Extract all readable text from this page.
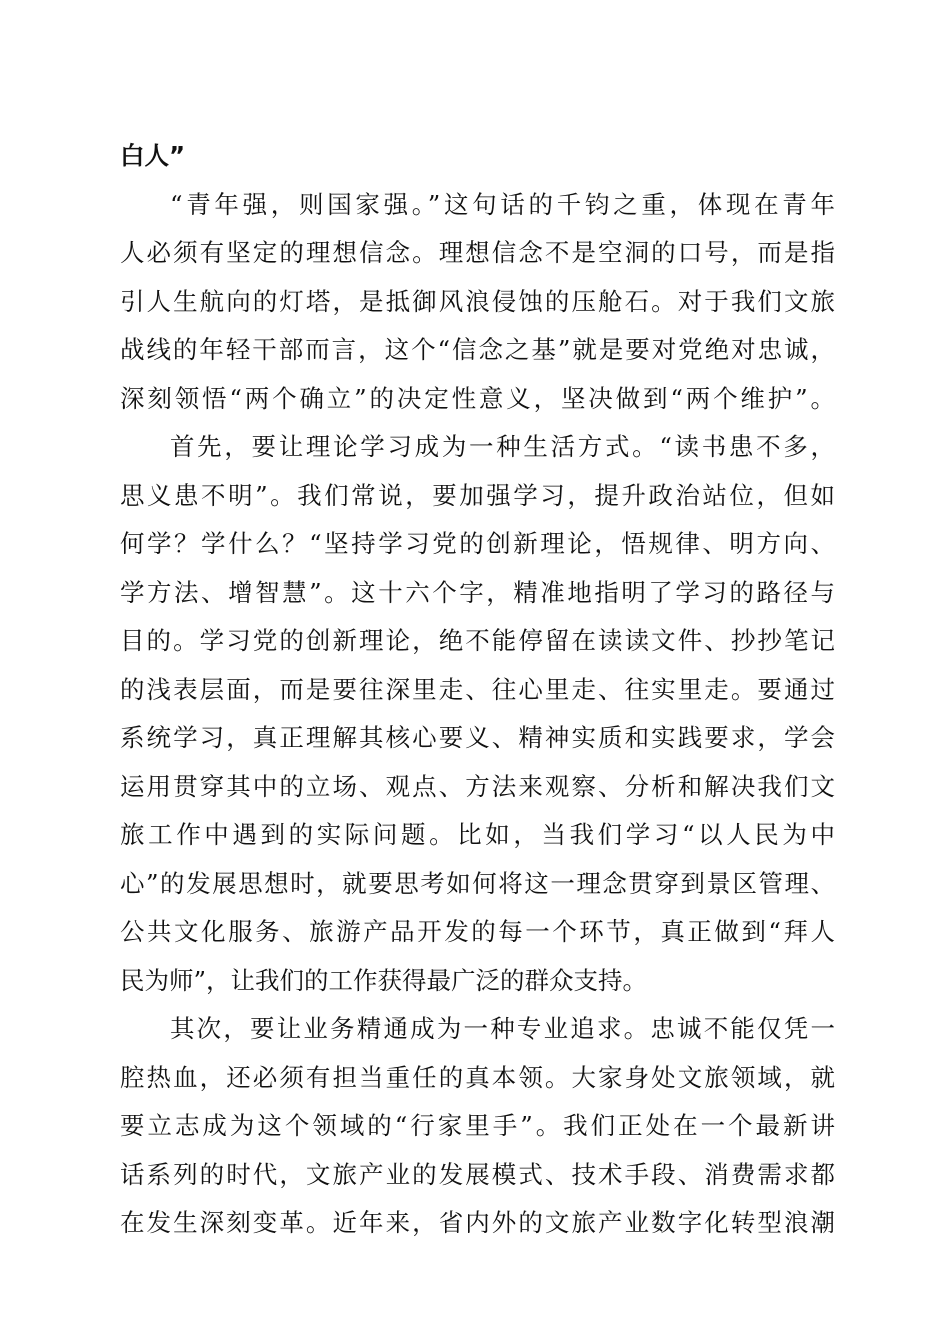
白人”
“青年强，则国家强。”这句话的千钧之重，体现在青年
人必须有坚定的理想信念。理想信念不是空洞的口号，而是指
引人生航向的灯塔，是抵御风浪侵蚀的压舱石。对于我们文旅
战线的年轻干部而言，这个“信念之基”就是要对党绝对忠诚，
深刻领悟“两个确立”的决定性意义，坚决做到“两个维护”。
首先，要让理论学习成为一种生活方式。“读书患不多，
思义患不明”。我们常说，要加强学习，提升政治站位，但如
何学？学什么？“坚持学习党的创新理论，悟规律、明方向、
学方法、增智慧”。这十六个字，精准地指明了学习的路径与
目的。学习党的创新理论，绝不能停留在读读文件、抄抄笔记
的浅表层面，而是要往深里走、往心里走、往实里走。要通过
系统学习，真正理解其核心要义、精神实质和实践要求，学会
运用贯穿其中的立场、观点、方法来观察、分析和解决我们文
旅工作中遇到的实际问题。比如，当我们学习“以人民为中
心”的发展思想时，就要思考如何将这一理念贯穿到景区管理、
公共文化服务、旅游产品开发的每一个环节，真正做到“拜人
民为师”，让我们的工作获得最广泛的群众支持。
其次，要让业务精通成为一种专业追求。忠诚不能仅凭一
腔热血，还必须有担当重任的真本领。大家身处文旅领域，就
要立志成为这个领域的“行家里手”。我们正处在一个最新讲
话系列的时代，文旅产业的发展模式、技术手段、消费需求都
在发生深刻变革。近年来，省内外的文旅产业数字化转型浪潮
